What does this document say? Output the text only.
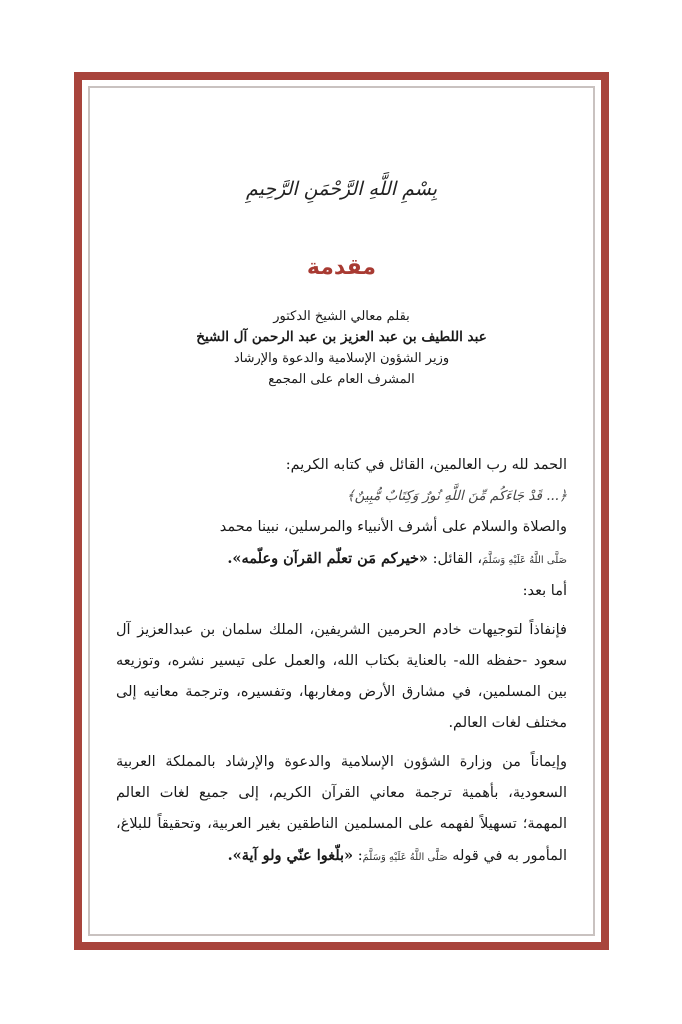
بِسْمِ اللَّهِ الرَّحْمَنِ الرَّحِيمِ
مقدمة
بقلم معالي الشيخ الدكتور
عبد اللطيف بن عبد العزيز بن عبد الرحمن آل الشيخ
وزير الشؤون الإسلامية والدعوة والإرشاد
المشرف العام على المجمع

الحمد لله رب العالمين، القائل في كتابه الكريم:

﴿... قَدْ جَاءَكُم مِّنَ اللَّهِ نُورٌ وَكِتَابٌ مُّبِينٌ﴾

والصلاة والسلام على أشرف الأنبياء والمرسلين، نبينا محمد
صَلَّى اللَّهُ عَلَيْهِ وَسَلَّمَ، القائل: «خيركم مَن تعلّم القرآن وعلّمه».

أما بعد:

فإنفاذاً لتوجيهات خادم الحرمين الشريفين، الملك سلمان بن عبدالعزيز آل سعود -حفظه الله- بالعناية بكتاب الله، والعمل على تيسير نشره، وتوزيعه بين المسلمين، في مشارق الأرض ومغاربها، وتفسيره، وترجمة معانيه إلى مختلف لغات العالم.

وإيماناً من وزارة الشؤون الإسلامية والدعوة والإرشاد بالمملكة العربية السعودية، بأهمية ترجمة معاني القرآن الكريم، إلى جميع لغات العالم المهمة؛ تسهيلاً لفهمه على المسلمين الناطقين بغير العربية، وتحقيقاً للبلاغ، المأمور به في قوله صَلَّى اللَّهُ عَلَيْهِ وَسَلَّمَ: «بلّغوا عنّي ولو آية».
